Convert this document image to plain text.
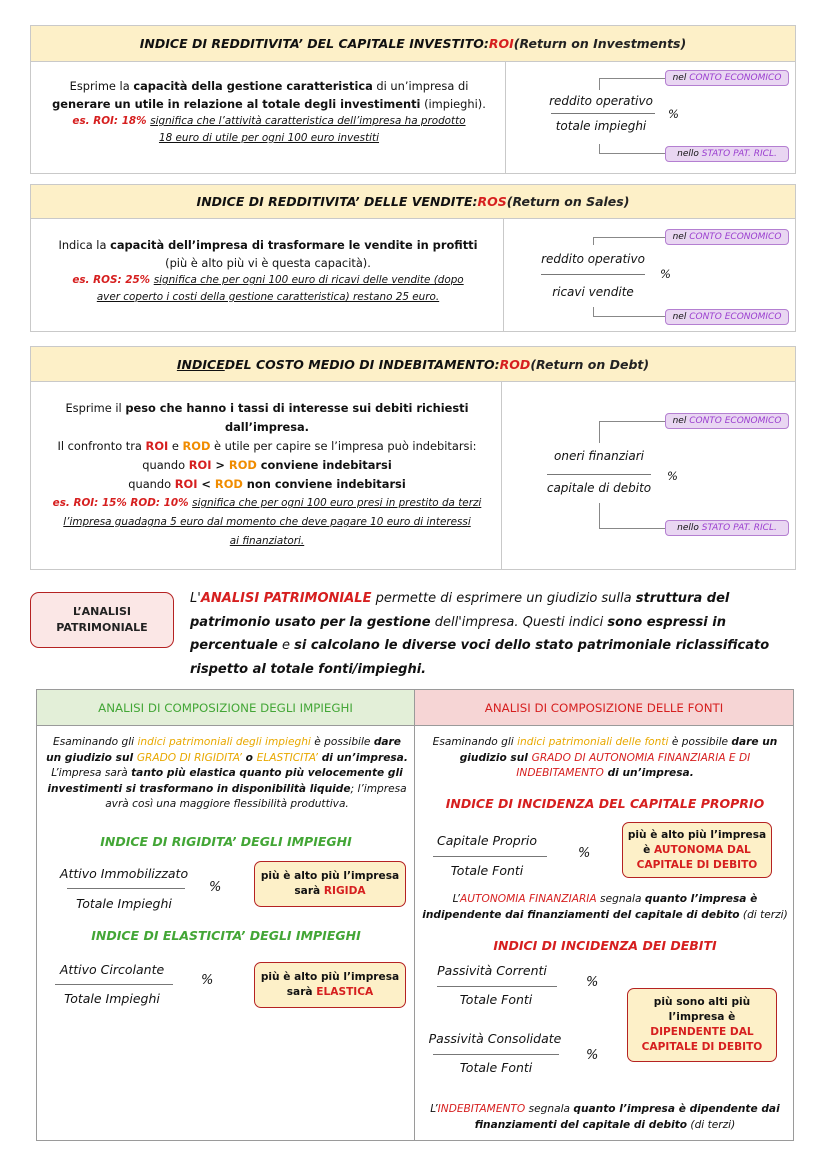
INDICE DI REDDITIVITA’ DEL CAPITALE INVESTITO: ROI (Return on Investments)
Esprime la capacità della gestione caratteristica di un’impresa di
generare un utile in relazione al totale degli investimenti (impieghi).
es. ROI: 18% significa che l’attività caratteristica dell’impresa ha prodotto
18 euro di utile per ogni 100 euro investiti
nel
CONTO ECONOMICO
nello
STATO PAT. RICL.
reddito operativo
totale impieghi
%
INDICE DI REDDITIVITA’ DELLE VENDITE: ROS (Return on Sales)
Indica la capacità dell’impresa di trasformare le vendite in profitti
(più è alto più vi è questa capacità).
es. ROS: 25% significa che per ogni 100 euro di ricavi delle vendite (dopo
aver coperto i costi della gestione caratteristica) restano 25 euro.
nel
CONTO ECONOMICO
nel
CONTO ECONOMICO
reddito operativo
ricavi vendite
%
INDICE DEL COSTO MEDIO DI INDEBITAMENTO: ROD (Return on Debt)
Esprime il peso che hanno i tassi di interesse sui debiti richiesti
dall’impresa.
Il confronto tra ROI e ROD è utile per capire se l’impresa può indebitarsi:
quando ROI > ROD conviene indebitarsi
quando ROI < ROD non conviene indebitarsi
es. ROI: 15% ROD: 10% significa che per ogni 100 euro presi in prestito da terzi
l’impresa guadagna 5 euro dal momento che deve pagare 10 euro di interessi
ai finanziatori.
nel
CONTO ECONOMICO
nello
STATO PAT. RICL.
oneri finanziari
capitale di debito
%
L’ANALISI PATRIMONIALE
L'ANALISI PATRIMONIALE permette di esprimere un giudizio sulla struttura del
patrimonio usato per la gestione dell'impresa. Questi indici sono espressi in
percentuale e si calcolano le diverse voci dello stato patrimoniale riclassificato
rispetto al totale fonti/impieghi.
ANALISI DI COMPOSIZIONE DEGLI IMPIEGHI	ANALISI DI COMPOSIZIONE DELLE FONTI
Esaminando gli indici patrimoniali degli impieghi è possibile dare
un giudizio sul GRADO DI RIGIDITA’ o ELASTICITA’ di un’impresa.
L’impresa sarà tanto più elastica quanto più velocemente gli
investimenti si trasformano in disponibilità liquide; l’impresa
avrà così una maggiore flessibilità produttiva.
INDICE DI RIGIDITA’ DEGLI IMPIEGHI
Attivo Immobilizzato
Totale Impieghi
%
più è alto più l’impresa
sarà RIGIDA
INDICE DI ELASTICITA’ DEGLI IMPIEGHI
Attivo Circolante
Totale Impieghi
%	più è alto più l’impresa
sarà ELASTICA
Esaminando gli indici patrimoniali delle fonti è possibile dare un
giudizio sul GRADO DI AUTONOMIA FINANZIARIA E DI
INDEBITAMENTO di un’impresa.
INDICE DI INCIDENZA DEL CAPITALE PROPRIO
Capitale Proprio
Totale Fonti
%
più è alto più l’impresa
è AUTONOMA DAL
CAPITALE DI DEBITO
L’AUTONOMIA FINANZIARIA segnala quanto l’impresa è
indipendente dai finanziamenti del capitale di debito (di terzi)
INDICI DI INCIDENZA DEI DEBITI
Passività Correnti
Totale Fonti
%
Passività Consolidate
Totale Fonti
%
più sono alti più
l’impresa è
DIPENDENTE DAL
CAPITALE DI DEBITO
L’INDEBITAMENTO segnala quanto l’impresa è dipendente dai
finanziamenti del capitale di debito (di terzi)
